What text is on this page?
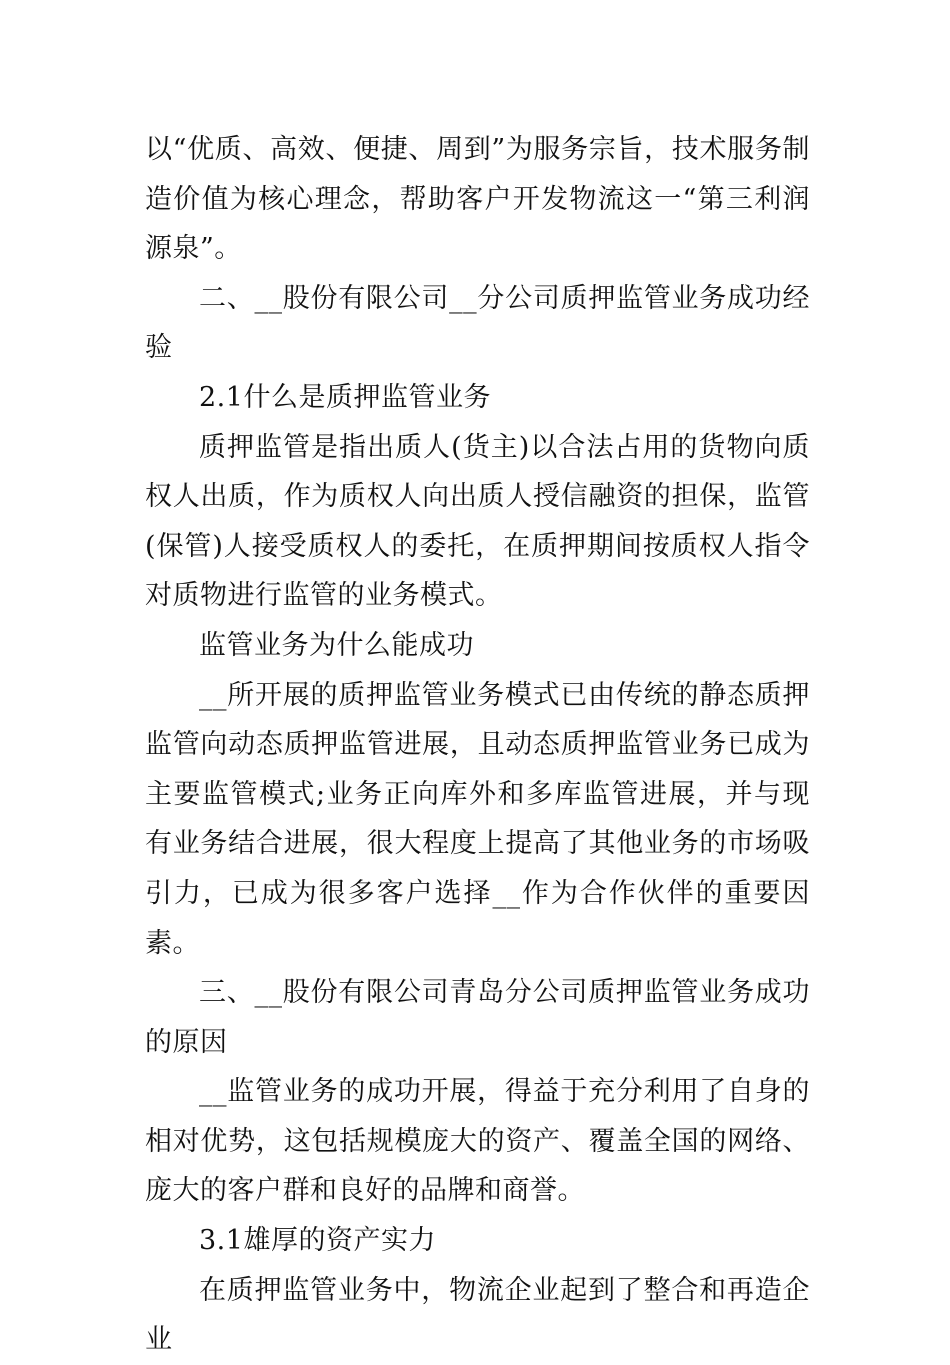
以“优质、高效、便捷、周到”为服务宗旨，技术服务制造价值为核心理念，帮助客户开发物流这一“第三利润源泉”。

二、__股份有限公司__分公司质押监管业务成功经验

2.1什么是质押监管业务

质押监管是指出质人(货主)以合法占用的货物向质权人出质，作为质权人向出质人授信融资的担保，监管(保管)人接受质权人的委托，在质押期间按质权人指令对质物进行监管的业务模式。

监管业务为什么能成功

__所开展的质押监管业务模式已由传统的静态质押监管向动态质押监管进展，且动态质押监管业务已成为主要监管模式;业务正向库外和多库监管进展，并与现有业务结合进展，很大程度上提高了其他业务的市场吸引力，已成为很多客户选择__作为合作伙伴的重要因素。

三、__股份有限公司青岛分公司质押监管业务成功的原因

__监管业务的成功开展，得益于充分利用了自身的相对优势，这包括规模庞大的资产、覆盖全国的网络、庞大的客户群和良好的品牌和商誉。

3.1雄厚的资产实力

在质押监管业务中，物流企业起到了整合和再造企业
